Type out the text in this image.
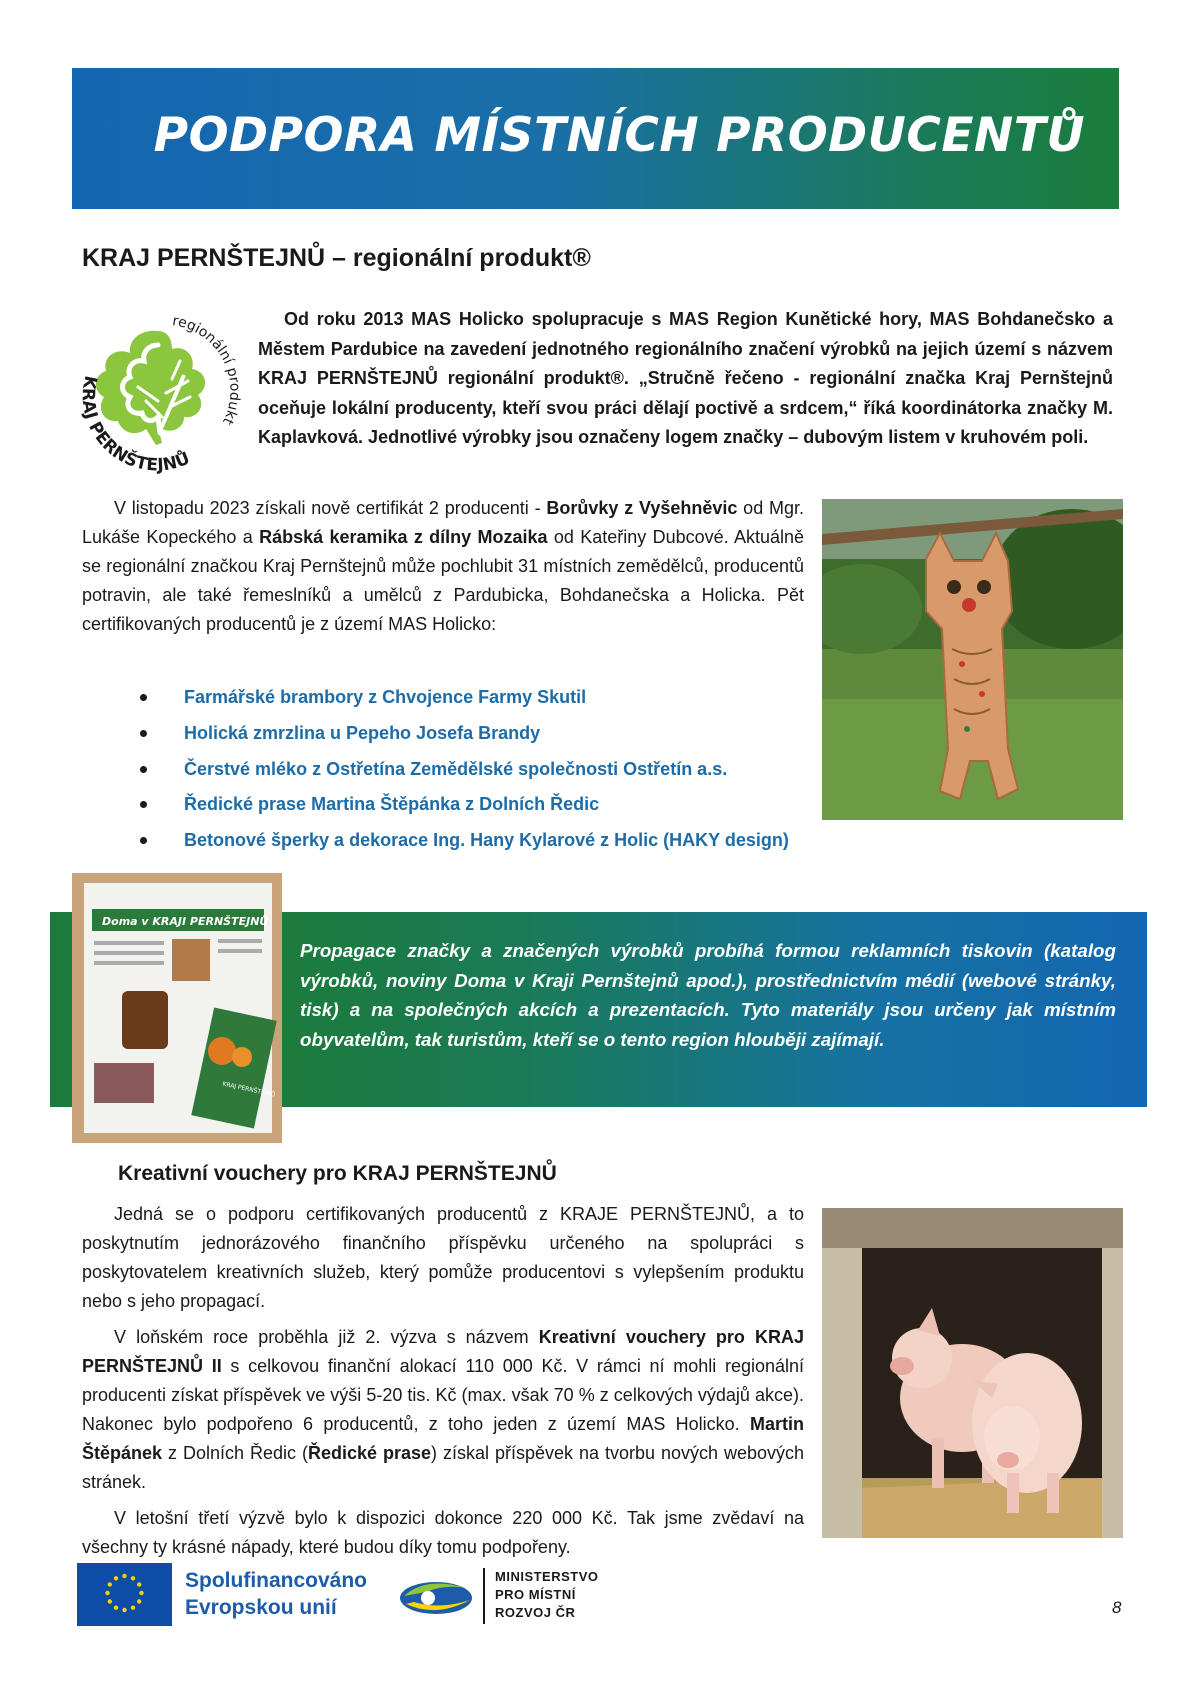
PODPORA MÍSTNÍCH PRODUCENTŮ
KRAJ PERNŠTEJNŮ – regionální produkt®
KRAJ PERNŠTEJNŮ
regionální produkt

Od roku 2013 MAS Holicko spolupracuje s MAS Region Kunětické hory, MAS Bohdanečsko a Městem Pardubice na zavedení jednotného regionálního značení výrobků na jejich území s názvem KRAJ PERNŠTEJNŮ regionální produkt®. „Stručně řečeno - regionální značka Kraj Pernštejnů oceňuje lokální producenty, kteří svou práci dělají poctivě a srdcem,“ říká koordinátorka značky M. Kaplavková. Jednotlivé výrobky jsou označeny logem značky – dubovým listem v kruhovém poli.

V listopadu 2023 získali nově certifikát 2 producenti - Borůvky z Vyšehněvic od Mgr. Lukáše Kopeckého a Rábská keramika z dílny Mozaika od Kateřiny Dubcové. Aktuálně se regionální značkou Kraj Pernštejnů může pochlubit 31 místních zemědělců, producentů potravin, ale také řemeslníků a umělců z Pardubicka, Bohdanečska a Holicka. Pět certifikovaných producentů je z území MAS Holicko:

Farmářské brambory z Chvojence Farmy Skutil
Holická zmrzlina u Pepeho Josefa Brandy
Čerstvé mléko z Ostřetína Zemědělské společnosti Ostřetín a.s.
Ředické prase Martina Štěpánka z Dolních Ředic
Betonové šperky a dekorace Ing. Hany Kylarové z Holic (HAKY design)
Doma v KRAJI PERNŠTEJNŮ
KRAJ PERNŠTEJNŮ
Propagace značky a značených výrobků probíhá formou reklamních tiskovin (katalog výrobků, noviny Doma v Kraji Pernštejnů apod.), prostřednictvím médií (webové stránky, tisk) a na společných akcích a prezentacích. Tyto materiály jsou určeny jak místním obyvatelům, tak turistům, kteří se o tento region hlouběji zajímají.
Kreativní vouchery pro KRAJ PERNŠTEJNŮ

Jedná se o podporu certifikovaných producentů z KRAJE PERNŠTEJNŮ, a to poskytnutím jednorázového finančního příspěvku určeného na spolupráci s poskytovatelem kreativních služeb, který pomůže producentovi s vylepšením produktu nebo s jeho propagací.

V loňském roce proběhla již 2. výzva s názvem Kreativní vouchery pro KRAJ PERNŠTEJNŮ II s celkovou finanční alokací 110 000 Kč. V rámci ní mohli regionální producenti získat příspěvek ve výši 5-20 tis. Kč (max. však 70 % z celkových výdajů akce). Nakonec bylo podpořeno 6 producentů, z toho jeden z území MAS Holicko. Martin Štěpánek z Dolních Ředic (Ředické prase) získal příspěvek na tvorbu nových webových stránek.

V letošní třetí výzvě bylo k dispozici dokonce 220 000 Kč. Tak jsme zvědaví na všechny ty krásné nápady, které budou díky tomu podpořeny.

Spolufinancováno
Evropskou unií
MINISTERSTVO
PRO MÍSTNÍ
ROZVOJ ČR	8
